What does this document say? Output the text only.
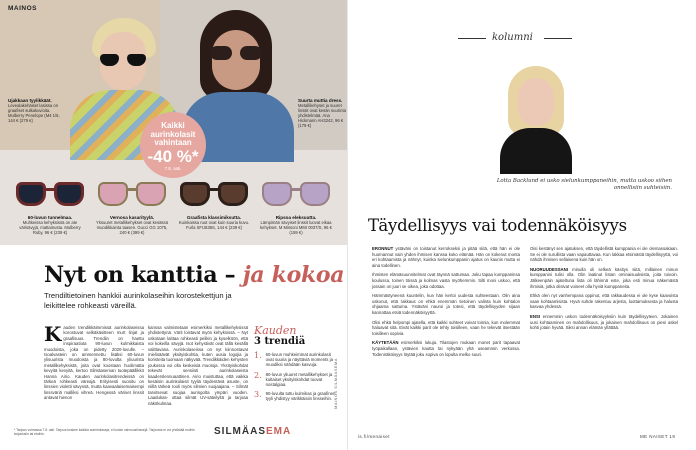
MAINOS
Ujakkaan tyylikkäät.
Levealakehäiset lasissa on graafiset sulkakuvioita. Mulberry Penelope (M4 1/6, 144 € (279 €)
Suurta muttia dress.
Metallikehyset ja suuret linssit ovat kesän suurinta yhdistelmää. Ana Hickmann AH3242, 96 € (179 €)
Kaikki aurinkolasit vahintaan
-40 %*
7.8. asti.
60-luvun tunnelmaa.
Muhkeissa kehyksissä on ate värisävyjä, mattamusta. Mulberry Ruby, 96 € (239 €)
Vernosa kasarityylä.
Yksuuret metallikehykset ovat kesässä muodikkainta taasen. Gucci GG 1075, 240 € (399 €)
Graafista klassimiksutta.
Kuinkaissa ruut ovat kuin suuria kuvu. Furla SFU538S, 144 € (239 €)
Ripsoa eleksuutta.
Lämpimän sävyiset linssit luovat eikaa kehykset. M Missoni MMI 0037/S, 96 € (159 €)
Nyt on kanttia – ja kokoa
Trendiltietoinen hankkii aurinkolaseihin korostekettjun ja leikittelee rohkeasti väreillä.
Kauden trendikkäimmissä aurinkolaseissa korostuvat selkäkäsitteen murt linjat ja graafisuus. Trendiin on haettu inspiraatiota 90-luvun kulmikkaista muodoista, joka on pidetty 2020-luvulle. – Isoalvastein on ammennettu lisäksi 60-luvun ylisuurista muodoista ja 80-luvulta yliuurista metallikehyksistä, joita ovat koostaan huolimatta kevyitä kevyitä, kertoo Silmäaseman tuotepäällikkö Hanna Airio. Kauden aurinkolasitrendeissä on tärkeä rohkeasti väreajä. Erityisesti suositu on linssien violetti sävyssä, mutta kaavaalaisemaisempi linssväriä malliksi vihreä. Hengessä väriset linssit antavat hienon
kanssa valmistetaan esimerkiksi metallikehyksissä yhdistettynä. Värit loistavat myös kehyksissä. – Nyt uskotaan laittaa rohkeasti pelikin ja kyselköön, että voi kokeilla sävyjä. Isot kehystivät ovat tällä kesällä valittavana. Aurinkolaseissa on nyt kiinnostavat mielisäävät yksityiskohtia, kuten uusia logojia ja koristeita tuomaan näkyvää. Trendikkäiden kehysten joukossa voi olla keskeisiä muotoja. Yksityiskohdat tekevät sensiisti aurinkolaseista kaaderslennuaattinen. Airio muistuttaa, että vaikka kesäisin aurinkolaisit tyyliä täydentävä asuste, on niillä tärkeä rooli myös silmien suojaajana. – Silmät tarvitsevat suojaa auringolta ympäri vuoden. Laadukas- ottaa silmät UV-säteilyltä ja tarjoaa näkökulmaa.
Kauden
3 trendiä
1. 60-luvun muhkeimmat aurinkolasit ovat suuria ja näyttäviä moments ja muodiksi nähdään kasvuja.
2. 80-luvun yliuuret metallikehykset ja kultaiset yksityiskohdat tuovat nostalgiaa.
3. 90-luvulta tuttu kulmikas ja graafinen tyyli yhdistyy värikkäisiin linsseihin.
* Tarjous voimassa 7.8. asti. Tarjous koskee kaikkia aurinkolaseja, ei koske vahvuuslinssejä. Tarjousta ei voi yhdistää muihin tarjouksiin tai etuihin.	SILMÄASEMA
MAINOS SILMÄASEMA
kolumni
Lotta Backlund ei usko sielunkumppaneihin, mutta uskoo siihen onnellisiin suhteisiin.
Täydellisyys vai todennäköisyys

ERONNUT ystäväni on toistanut kerrokseksi ja pitää siitä, että hän ei ole huomannut vain yhden ihmisen kanssa koko elämää. Hän on kokenut monta eri kohtaamista ja nähnyt, kuinka sielunkumppanin ajatus on kaunis mutta ei aina todellinen.

Ihmisten elämäsuunnitelmat ovat täynnä sattumaa. Joku tapaa kumppaninsa koulussa, toinen töissä ja kolmas vasta myöhemmin. Silti moni uskoo, että jossain on juuri se oikea, joka odottaa.

Hämmästyneenä kuuntelin, kun hän kertoi uudesta suhteestaan. Olin aina uskonut, että rakkaus on ehkä enemmän tietoinen valinta kuin kohtalon ohjaama sattuma. Ystäväni nauroi ja totesi, että täydellisyyden sijaan kannattaa etsiä todennäköisyyttä.

Olisi ehkä helpompi ajatella, että kaikki suhteet voivat toimia, kun molemmat haluavat sitä. Eivät kaikki parit ole tehty toisilleen, vaan he tekevät itsestään toisilleen sopivia.

KÄYTETÄÄN esimerkiksi lukuja. Tilastojen mukaan monet parit tapaavat työpaikallaan, ystävien kautta tai nykyään yhä useammin verkossa. Todennäköisyys löytää joku sopiva on lopulta melko suuri.

Oisi kestänyt sen ajatuksen, että täydellistä kumppania ei ole olemassakaan. Se ei ole surullista vaan vapauttavaa. Kun lakkaa etsimästä täydellisyyttä, voi nähdä ihmisen sellaisena kuin hän on.

NUORUUDESSANI minulla oli selkeä käsitys siitä, millainen minun kumppanini tulisi olla. Olin laatinut listan ominaisuuksista, joita toivoin. Jälkeenpäin ajateltuna lista oli lähinnä este, joka esti minua näkemästä ihmisiä, jotka olisivat voineet olla hyviä kumppaneita.

Ehkä olen nyt vanhempana oppinut, että rakkaudessa ei ole kyse kaavoista vaan kohtaamisista. Hyvä suhde rakentuu arjesta, luottamuksesta ja halusta kasvaa yhdessä.

ENSI ennemmin uskon todennäköisyyksiin kuin täydellisyyteen. Jokainen uusi kohtaaminen on mahdollisuus, ja jokainen mahdollisuus on pieni askel kohti jotain hyvää. Siksi annan elämän yllättää.

is.fi/menaiset	ME NAISET 19
